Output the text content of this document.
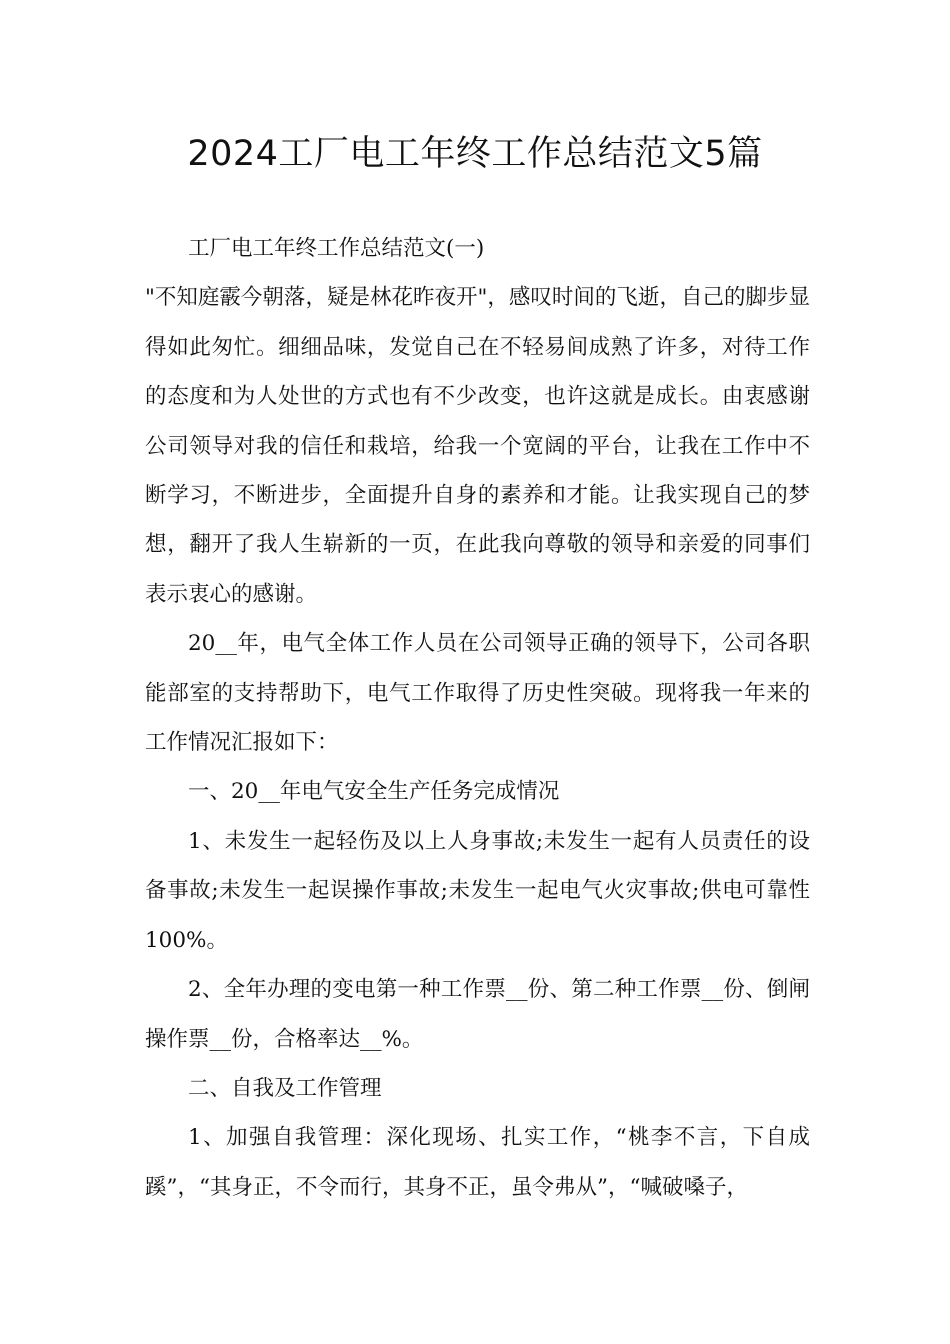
2024工厂电工年终工作总结范文5篇

工厂电工年终工作总结范文(一)

"不知庭霰今朝落，疑是林花昨夜开"，感叹时间的飞逝，自己的脚步显得如此匆忙。细细品味，发觉自己在不轻易间成熟了许多，对待工作的态度和为人处世的方式也有不少改变，也许这就是成长。由衷感谢公司领导对我的信任和栽培，给我一个宽阔的平台，让我在工作中不断学习，不断进步，全面提升自身的素养和才能。让我实现自己的梦想，翻开了我人生崭新的一页，在此我向尊敬的领导和亲爱的同事们表示衷心的感谢。

20__年，电气全体工作人员在公司领导正确的领导下，公司各职能部室的支持帮助下，电气工作取得了历史性突破。现将我一年来的工作情况汇报如下：

一、20__年电气安全生产任务完成情况

1、未发生一起轻伤及以上人身事故;未发生一起有人员责任的设备事故;未发生一起误操作事故;未发生一起电气火灾事故;供电可靠性100%。

2、全年办理的变电第一种工作票__份、第二种工作票__份、倒闸操作票__份，合格率达__%。

二、自我及工作管理

1、加强自我管理：深化现场、扎实工作，“桃李不言，下自成蹊”，“其身正，不令而行，其身不正，虽令弗从”，“喊破嗓子，
